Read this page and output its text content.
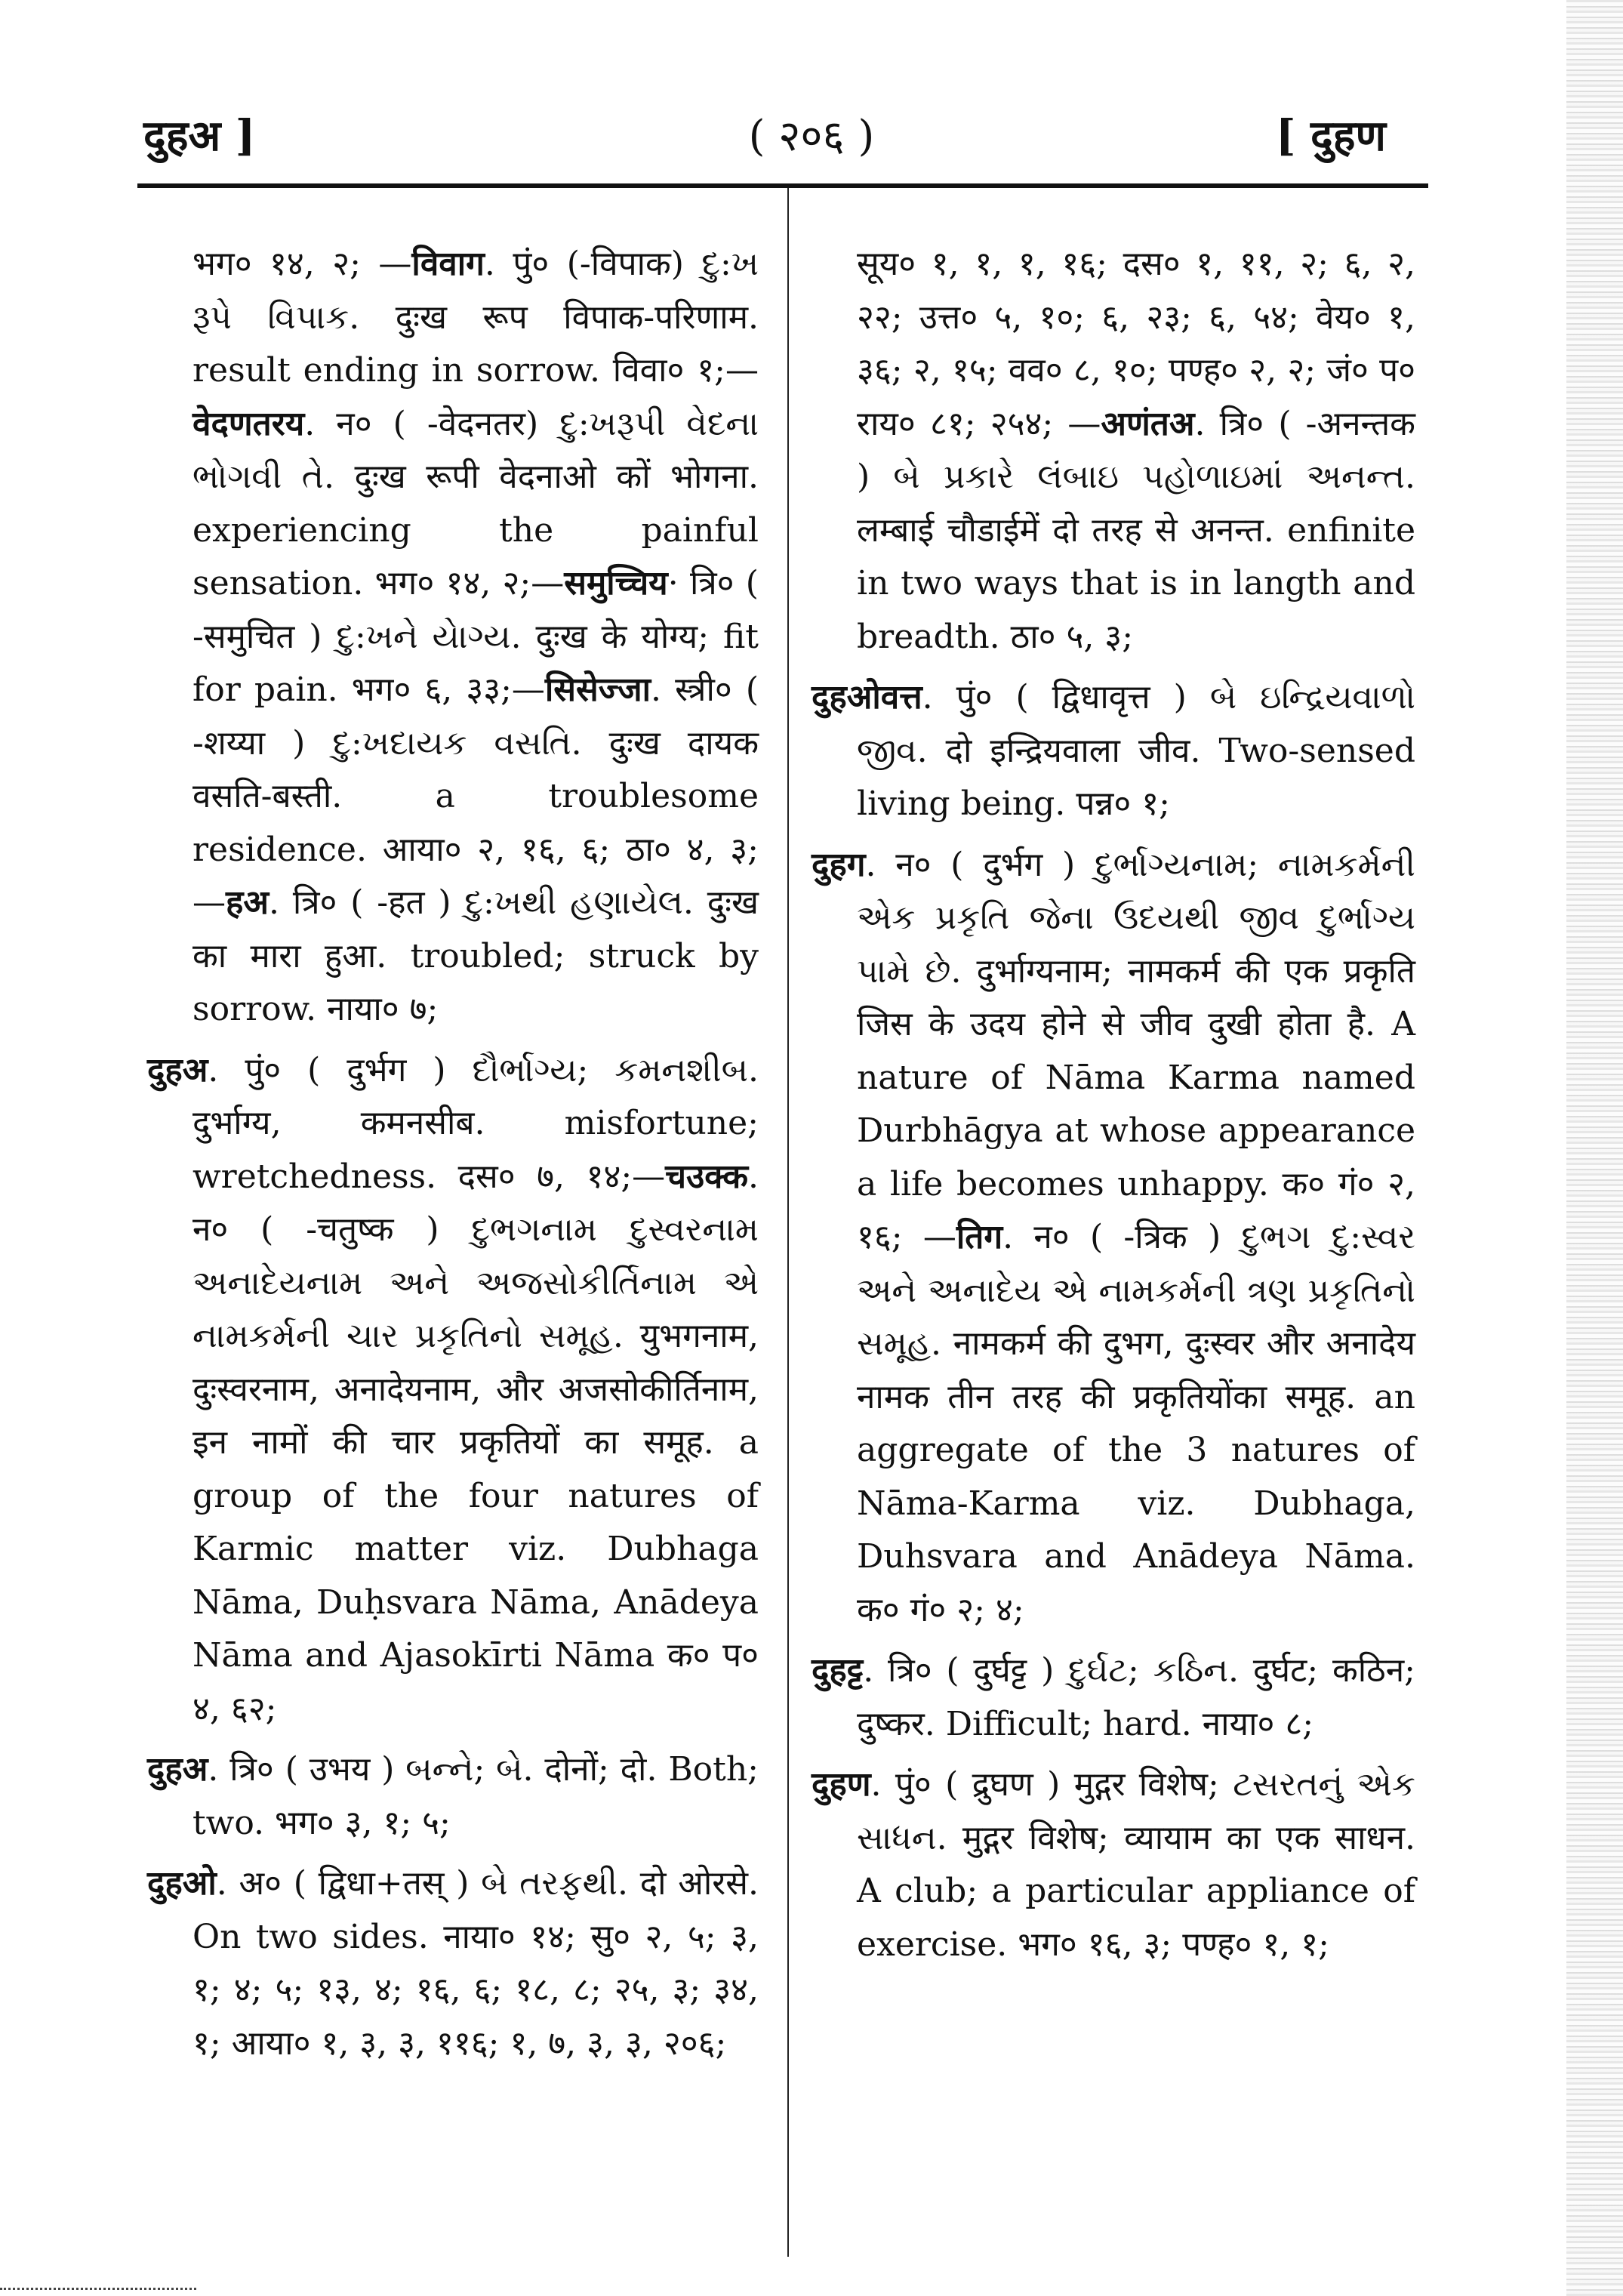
दुहअ ]	( २०६ )	[ दुहण
भग० १४, २; —विवाग. पुं० (-विपाक) દુ:ખ રૂપે વિપાક. दुःख रूप विपाक-परिणाम. result ending in sorrow. विवा० १;—वेदणतरय. न० ( -वेदनतर) દુ:ખરૂપી વેદના ભોગવી તે. दुःख रूपी वेदनाओ कों भोगना. experiencing the painful sensation. भग० १४, २;—समुच्चिय· त्रि० ( -समुचित ) દુ:ખને યેાગ્ય. दुःख के योग्य; fit for pain. भग० ६, ३३;—सिसेज्जा. स्त्री० ( -शय्या ) દુ:ખદાયક વસતિ. दुःख दायक वसति-बस्ती. a troublesome residence. आया० २, १६, ६; ठा० ४, ३; —हअ. त्रि० ( -हत ) દુ:ખથી હણાયેલ. दुःख का मारा हुआ. troubled; struck by sorrow. नाया० ७;
दुहअ. पुं० ( दुर्भग ) દૌર્ભાગ્ય; કમનશીબ. दुर्भाग्य, कमनसीब. misfortune; wretchedness. दस० ७, १४;—चउक्क. न० ( -चतुष्क ) દુભગનામ દુસ્વરનામ અનાદેયનામ અને અજસોકીર્તિનામ એ નામકર્મની ચાર પ્રકૃતિનો સમૂહ. युभगनाम, दुःस्वरनाम, अनादेयनाम, और अजसोकीर्तिनाम, इन नामों की चार प्रकृतियों का समूह. a group of the four natures of Karmic matter viz. Dubhaga Nāma, Duḥsvara Nāma, Anādeya Nāma and Ajasokīrti Nāma क० प० ४, ६२;
दुहअ. त्रि० ( उभय ) બન્ને; બે. दोनों; दो. Both; two. भग० ३, १; ५;
दुहओ. अ० ( द्विधा+तस् ) બે તરફથી. दो ओरसे. On two sides. नाया० १४; सु० २, ५; ३, १; ४; ५; १३, ४; १६, ६; १८, ८; २५, ३; ३४, १; आया० १, ३, ३, ११६; १, ७, ३, ३, २०६;
सूय० १, १, १, १६; दस० १, ११, २; ६, २, २२; उत्त० ५, १०; ६, २३; ६, ५४; वेय० १, ३६; २, १५; वव० ८, १०; पण्ह० २, २; जं० प० राय० ८१; २५४; —अणंतअ. त्रि० ( -अनन्तक ) બે પ્રકારે લંબાઇ પહોળાઇમાં અનન્ત. लम्बाई चौडाईमें दो तरह से अनन्त. enfinite in two ways that is in langth and breadth. ठा० ५, ३;
दुहओवत्त. पुं० ( द्विधावृत्त ) બે ઇન્દ્રિયવાળો જીવ. दो इन्द्रियवाला जीव. Two-sensed living being. पन्न० १;
दुहग. न० ( दुर्भग ) દુર્ભાગ્યનામ; નામકર્મની એક પ્રકૃતિ જેના ઉદયથી જીવ દુર્ભાગ્ય પામે છે. दुर्भाग्यनाम; नामकर्म की एक प्रकृति जिस के उदय होने से जीव दुखी होता है. A nature of Nāma Karma named Durbhāgya at whose appearance a life becomes unhappy. क० गं० २, १६; —तिग. न० ( -त्रिक ) દુભગ દુ:સ્વર અને અનાદેય એ નામકર્મની ત્રણ પ્રકૃતિનો સમૂહ. नामकर्म की दुभग, दुःस्वर और अनादेय नामक तीन तरह की प्रकृतियोंका समूह. an aggregate of the 3 natures of Nāma-Karma viz. Dubhaga, Duhsvara and Anādeya Nāma. क० गं० २; ४;
दुहट्ट. त्रि० ( दुर्घट्ट ) દુર્ઘટ; કઠિન. दुर्घट; कठिन; दुष्कर. Difficult; hard. नाया० ८;
दुहण. पुं० ( द्रुघण ) मुद्गर विशेष; ટસરતનું એક સાધન. मुद्गर विशेष; व्यायाम का एक साधन. A club; a particular appliance of exercise. भग० १६, ३; पण्ह० १, १;
